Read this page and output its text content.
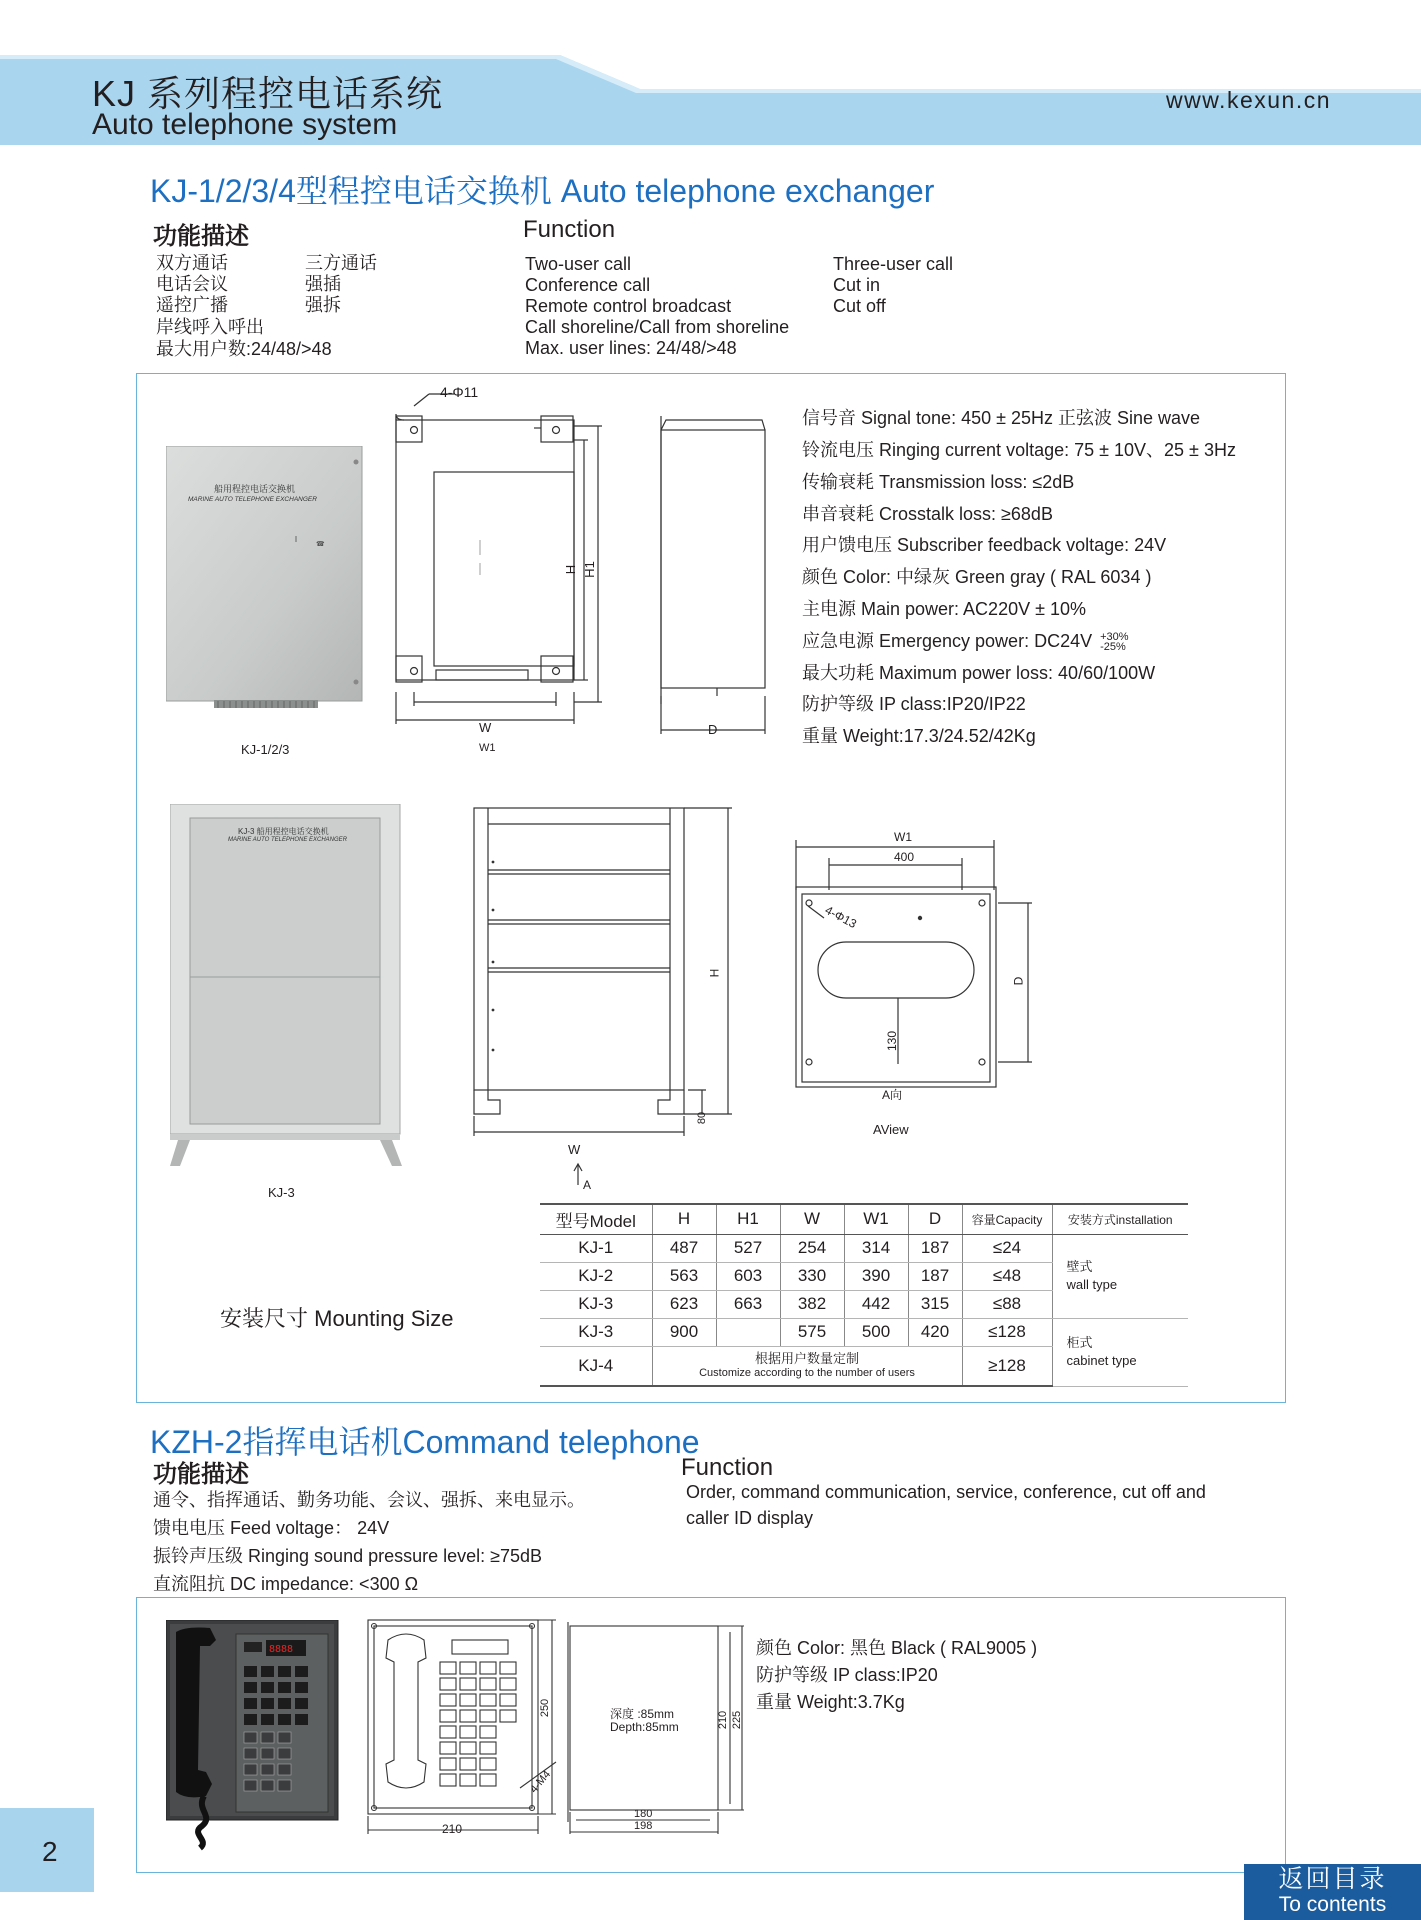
KJ 系列程控电话系统
Auto telephone system
www.kexun.cn
KJ-1/2/3/4型程控电话交换机 Auto telephone exchanger
功能描述	Function
双方通话
电话会议
遥控广播
岸线呼入呼出
最大用户数:24/48/>48
三方通话
强插
强拆
Two-user call
Conference call
Remote control broadcast
Call shoreline/Call from shoreline
Max. user lines: 24/48/>48
Three-user call
Cut in
Cut off
☎
船用程控电话交换机
MARINE AUTO TELEPHONE EXCHANGER
KJ-1/2/3
4-Φ11
H H1
W
W1
D
信号音 Signal tone: 450 ± 25Hz 正弦波 Sine wave
铃流电压 Ringing current voltage: 75 ± 10V、25 ± 3Hz
传输衰耗 Transmission loss: ≤2dB
串音衰耗 Crosstalk loss: ≥68dB
用户馈电压 Subscriber feedback voltage: 24V
颜色 Color: 中绿灰 Green gray ( RAL 6034 )
主电源 Main power: AC220V ± 10%
应急电源 Emergency power: DC24V +30%
-25%
最大功耗 Maximum power loss: 40/60/100W
防护等级 IP class:IP20/IP22
重量 Weight:17.3/24.52/42Kg
KJ-3 船用程控电话交换机
MARINE AUTO TELEPHONE EXCHANGER
KJ-3
H
80
W
A
W1
400
4-Φ13
D
130
A向
AView
安装尺寸 Mounting Size
型号Model	H	H1	W	W1	D	容量Capacity	安装方式installation
KJ-1	487	527	254	314	187	≤24	壁式
wall type

KJ-2	563	603	330	390	187	≤48	
KJ-3	623	663	382	442	315	≤88	
KJ-3	900		575	500	420	≤128	柜式
cabinet type

KJ-4	根据用户数量定制
Customize according to the number of users					≥128	
KZH-2指挥电话机Command telephone
功能描述	Function
通令、指挥通话、勤务功能、会议、强拆、来电显示。
馈电电压 Feed voltage： 24V
振铃声压级 Ringing sound pressure level: ≥75dB
直流阻抗 DC impedance: <300 Ω
Order, command communication, service, conference, cut off and
caller ID display
8888
210
250
4-M4
深度 :85mm
Depth:85mm	210 225
180
198
颜色 Color: 黑色 Black ( RAL9005 )
防护等级 IP class:IP20
重量 Weight:3.7Kg
2
返回目录
To contents
